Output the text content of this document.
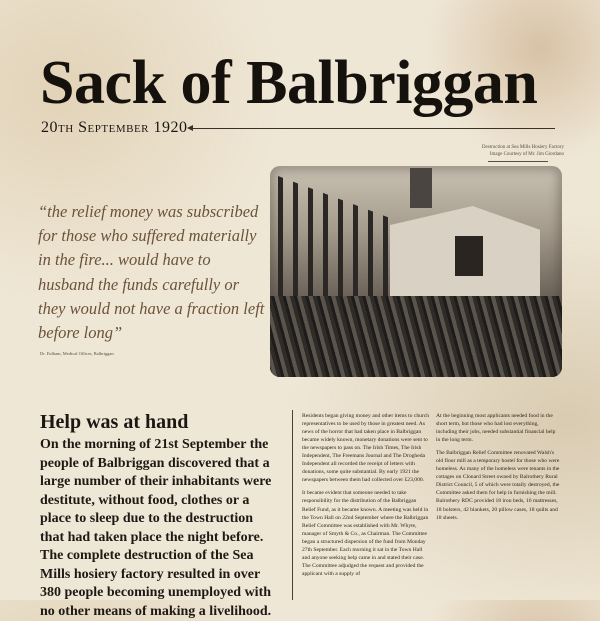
Sack of Balbriggan
20th September 1920
Destruction at Sea Mills Hosiery Factory
Image Courtesy of Mr. Jim Giordano
“the relief money was subscribed for those who suffered materially in the fire... would have to husband the funds carefully or they would not have a fraction left before long”
Dr. Fulham, Medical Officer, Balbriggan
Help was at hand
On the morning of 21st September the people of Balbriggan discovered that a large number of their inhabitants were destitute, without food, clothes or a place to sleep due to the destruction that had taken place the night before. The complete destruction of the Sea Mills hosiery factory resulted in over 380 people becoming unemployed with no other means of making a livelihood.

Residents began giving money and other items to church representatives to be used by those in greatest need. As news of the horror that had taken place in Balbriggan became widely known, monetary donations were sent to the newspapers to pass on. The Irish Times, The Irish Independent, The Freemans Journal and The Drogheda Independent all recorded the receipt of letters with donations, some quite substantial. By early 1921 the newspapers between them had collected over £23,000.

It became evident that someone needed to take responsibility for the distribution of the Balbriggan Relief Fund, as it became known. A meeting was held in the Town Hall on 22nd September where the Balbriggan Relief Committee was established with Mr. Whyte, manager of Smyth & Co., as Chairman. The Committee began a structured dispersion of the fund from Monday 27th September. Each morning it sat in the Town Hall and anyone seeking help came in and stated their case. The Committee adjudged the request and provided the applicant with a supply of

At the beginning most applicants needed food in the short term, but those who had lost everything, including their jobs, needed substantial financial help in the long term.

The Balbriggan Relief Committee renovated Walsh's old flour mill as a temporary hostel for those who were homeless. As many of the homeless were tenants in the cottages on Clonard Street owned by Balrothery Rural District Council, 5 of which were totally destroyed, the Committee asked them for help in furnishing the mill. Balrothery RDC provided 18 iron beds, 16 mattresses, 18 bolsters, 42 blankets, 20 pillow cases, 18 quilts and 18 sheets.
